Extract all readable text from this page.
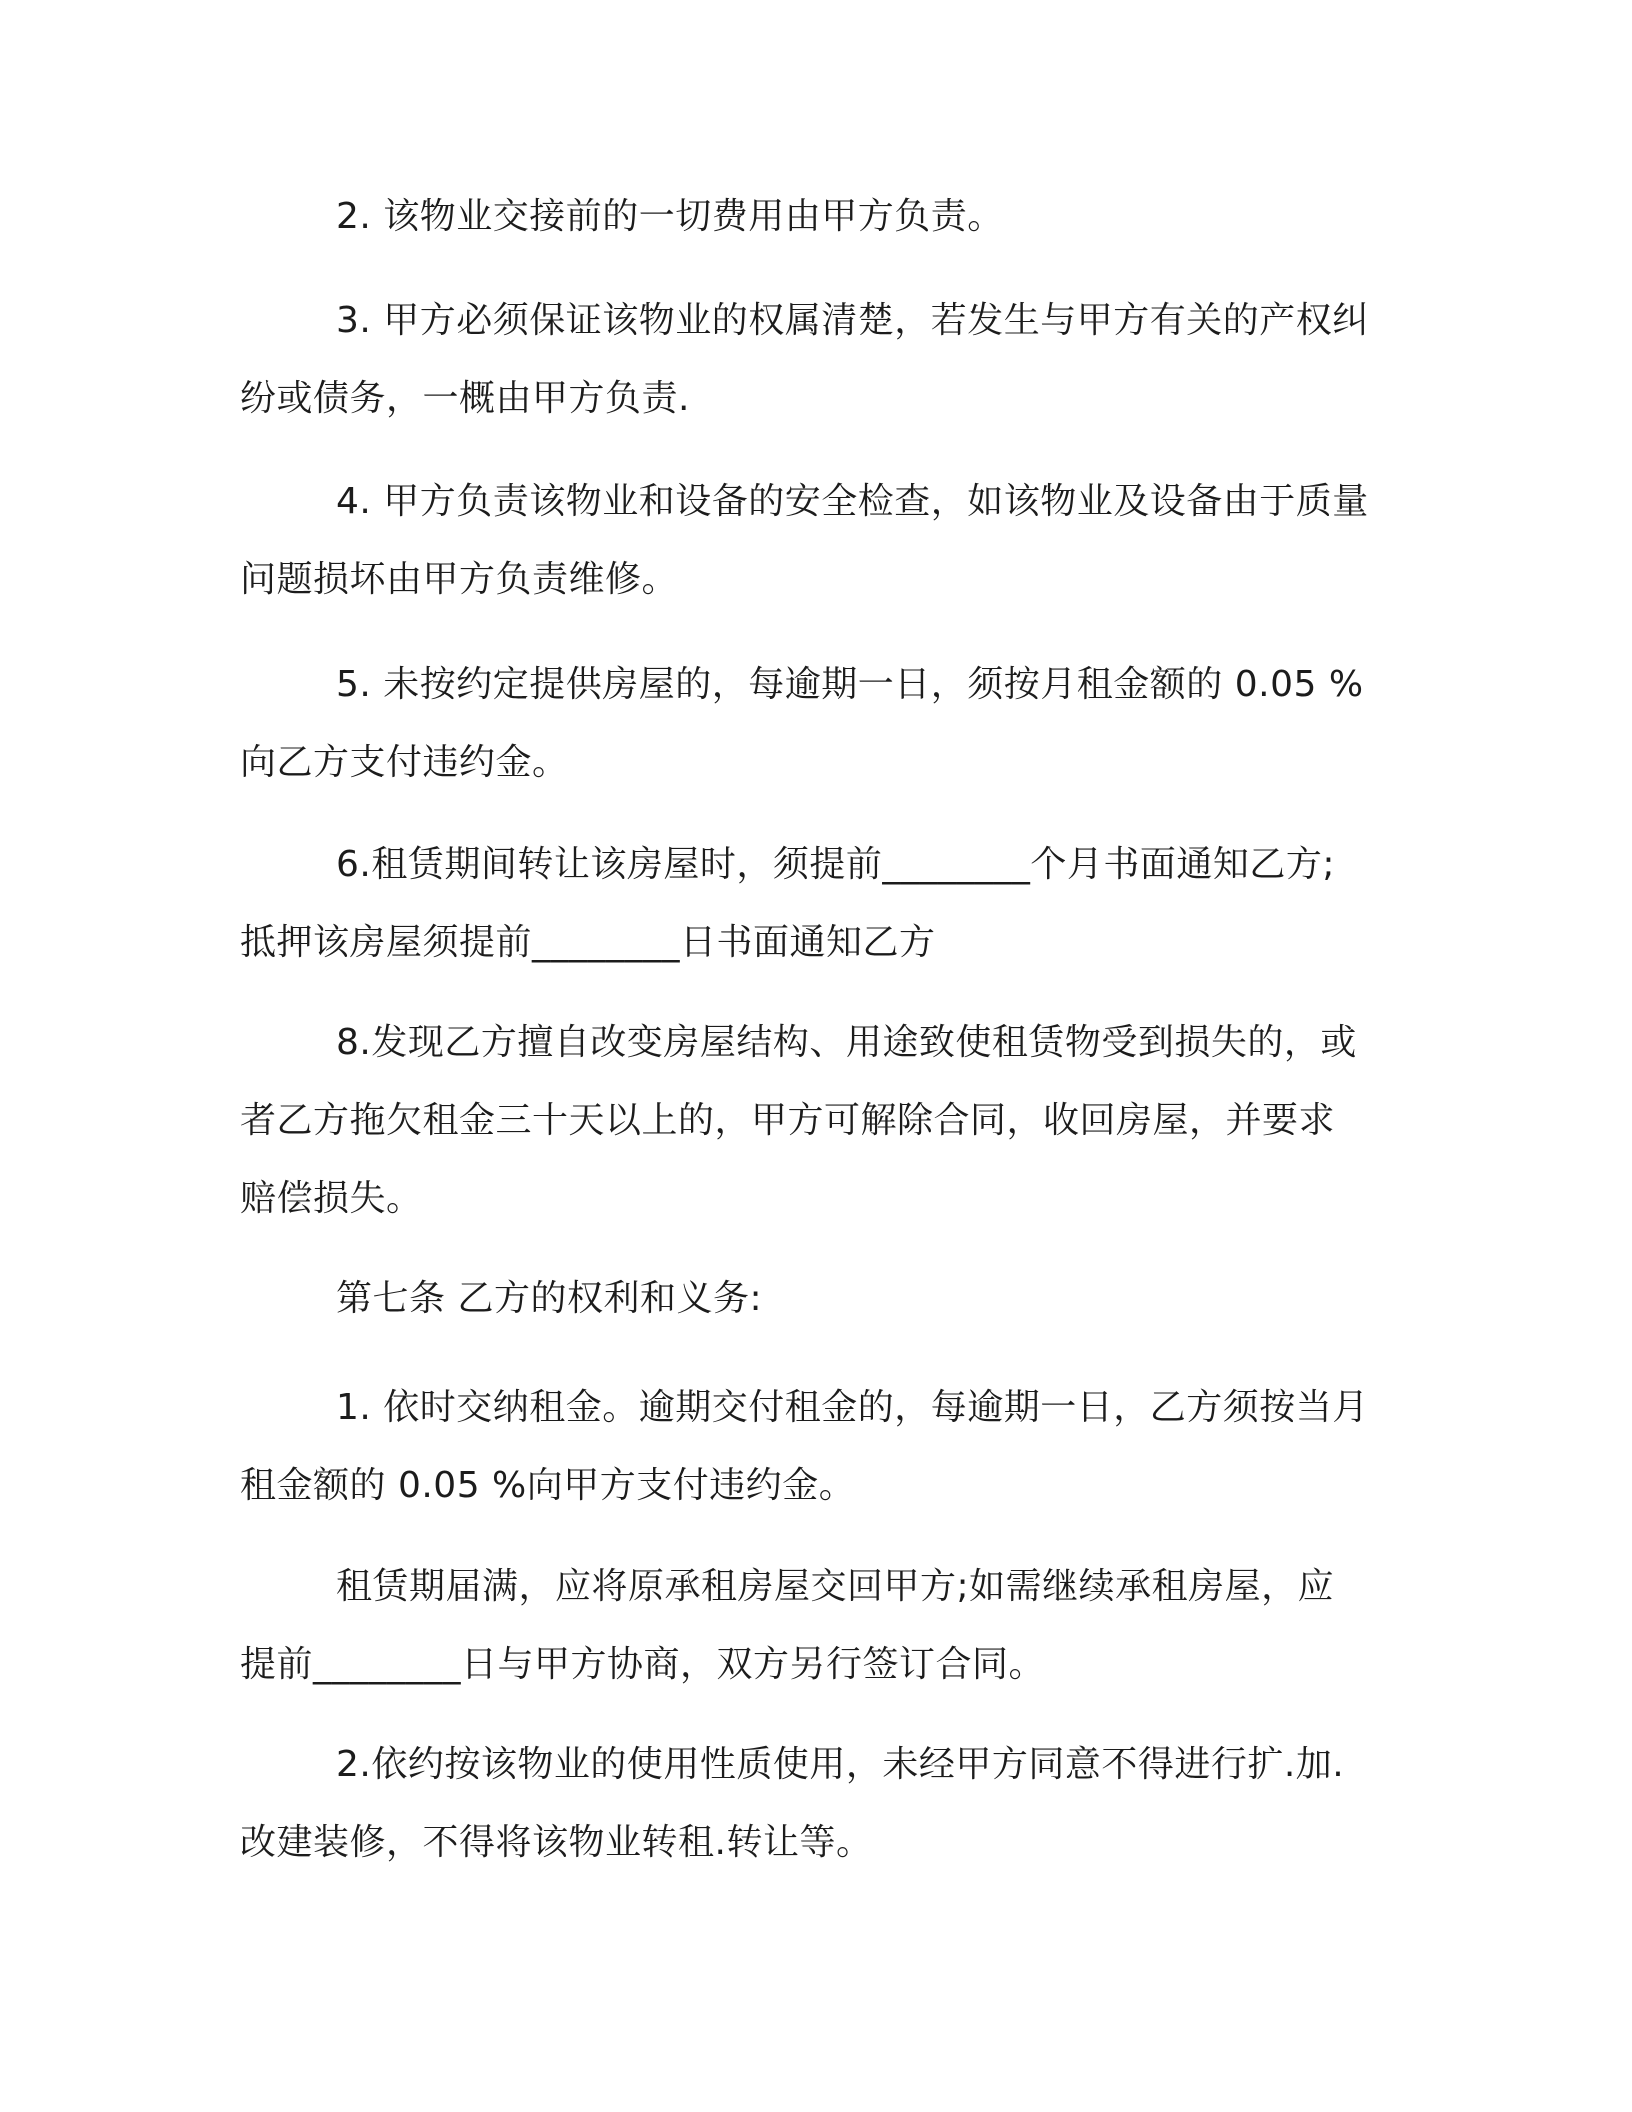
2. 该物业交接前的一切费用由甲方负责。
3. 甲方必须保证该物业的权属清楚，若发生与甲方有关的产权纠
纷或债务，一概由甲方负责.
4. 甲方负责该物业和设备的安全检查，如该物业及设备由于质量
问题损坏由甲方负责维修。
5. 未按约定提供房屋的，每逾期一日，须按月租金额的 0.05 %
向乙方支付违约金。
6.租赁期间转让该房屋时，须提前________个月书面通知乙方;
抵押该房屋须提前________日书面通知乙方
8.发现乙方擅自改变房屋结构、用途致使租赁物受到损失的，或
者乙方拖欠租金三十天以上的，甲方可解除合同，收回房屋，并要求
赔偿损失。
第七条 乙方的权利和义务:
1. 依时交纳租金。逾期交付租金的，每逾期一日，乙方须按当月
租金额的 0.05 %向甲方支付违约金。
租赁期届满，应将原承租房屋交回甲方;如需继续承租房屋，应
提前________日与甲方协商，双方另行签订合同。
2.依约按该物业的使用性质使用，未经甲方同意不得进行扩.加.
改建装修，不得将该物业转租.转让等。
